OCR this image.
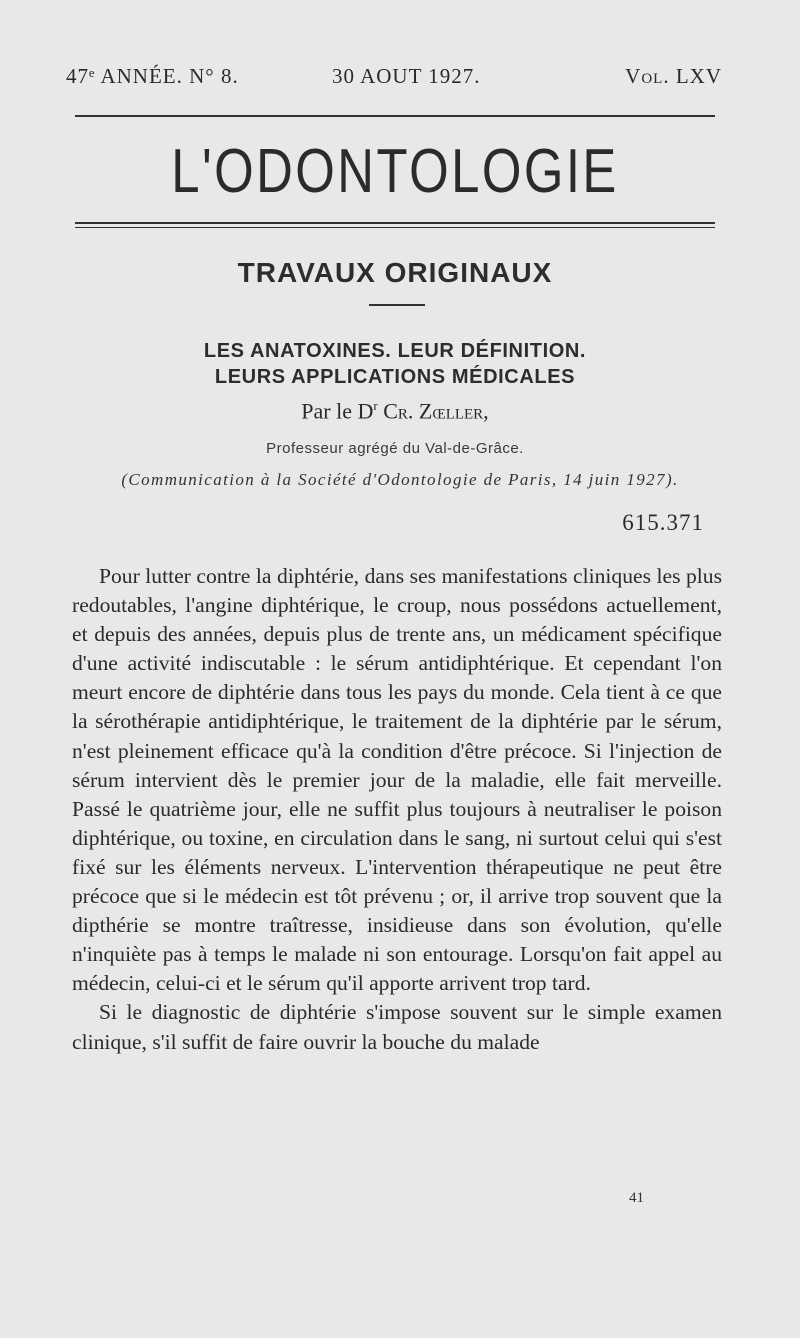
47ᵉ ANNÉE. N° 8.	30 AOUT 1927.	Vol. LXV
L'ODONTOLOGIE
TRAVAUX ORIGINAUX
LES ANATOXINES. LEUR DÉFINITION.
LEURS APPLICATIONS MÉDICALES
Par le $D^r$ Cr. Zœller,
Professeur agrégé du Val-de-Grâce.
(Communication à la Société d'Odontologie de Paris, 14 juin 1927).
615.371

Pour lutter contre la diphtérie, dans ses manifestations cliniques les plus redoutables, l'angine diphtérique, le croup, nous possédons actuellement, et depuis des années, depuis plus de trente ans, un médicament spécifique d'une activité indiscutable : le sérum antidiphtérique. Et cependant l'on meurt encore de diphtérie dans tous les pays du monde. Cela tient à ce que la sérothérapie antidiphtérique, le traitement de la diphtérie par le sérum, n'est pleinement efficace qu'à la condition d'être précoce. Si l'injection de sérum intervient dès le premier jour de la maladie, elle fait merveille. Passé le quatrième jour, elle ne suffit plus toujours à neutraliser le poison diphtérique, ou toxine, en circulation dans le sang, ni surtout celui qui s'est fixé sur les éléments nerveux. L'intervention thérapeutique ne peut être précoce que si le médecin est tôt prévenu ; or, il arrive trop souvent que la dipthérie se montre traîtresse, insidieuse dans son évolution, qu'elle n'inquiète pas à temps le malade ni son entourage. Lorsqu'on fait appel au médecin, celui-ci et le sérum qu'il apporte arrivent trop tard.

Si le diagnostic de diphtérie s'impose souvent sur le simple examen clinique, s'il suffit de faire ouvrir la bouche du malade

41
